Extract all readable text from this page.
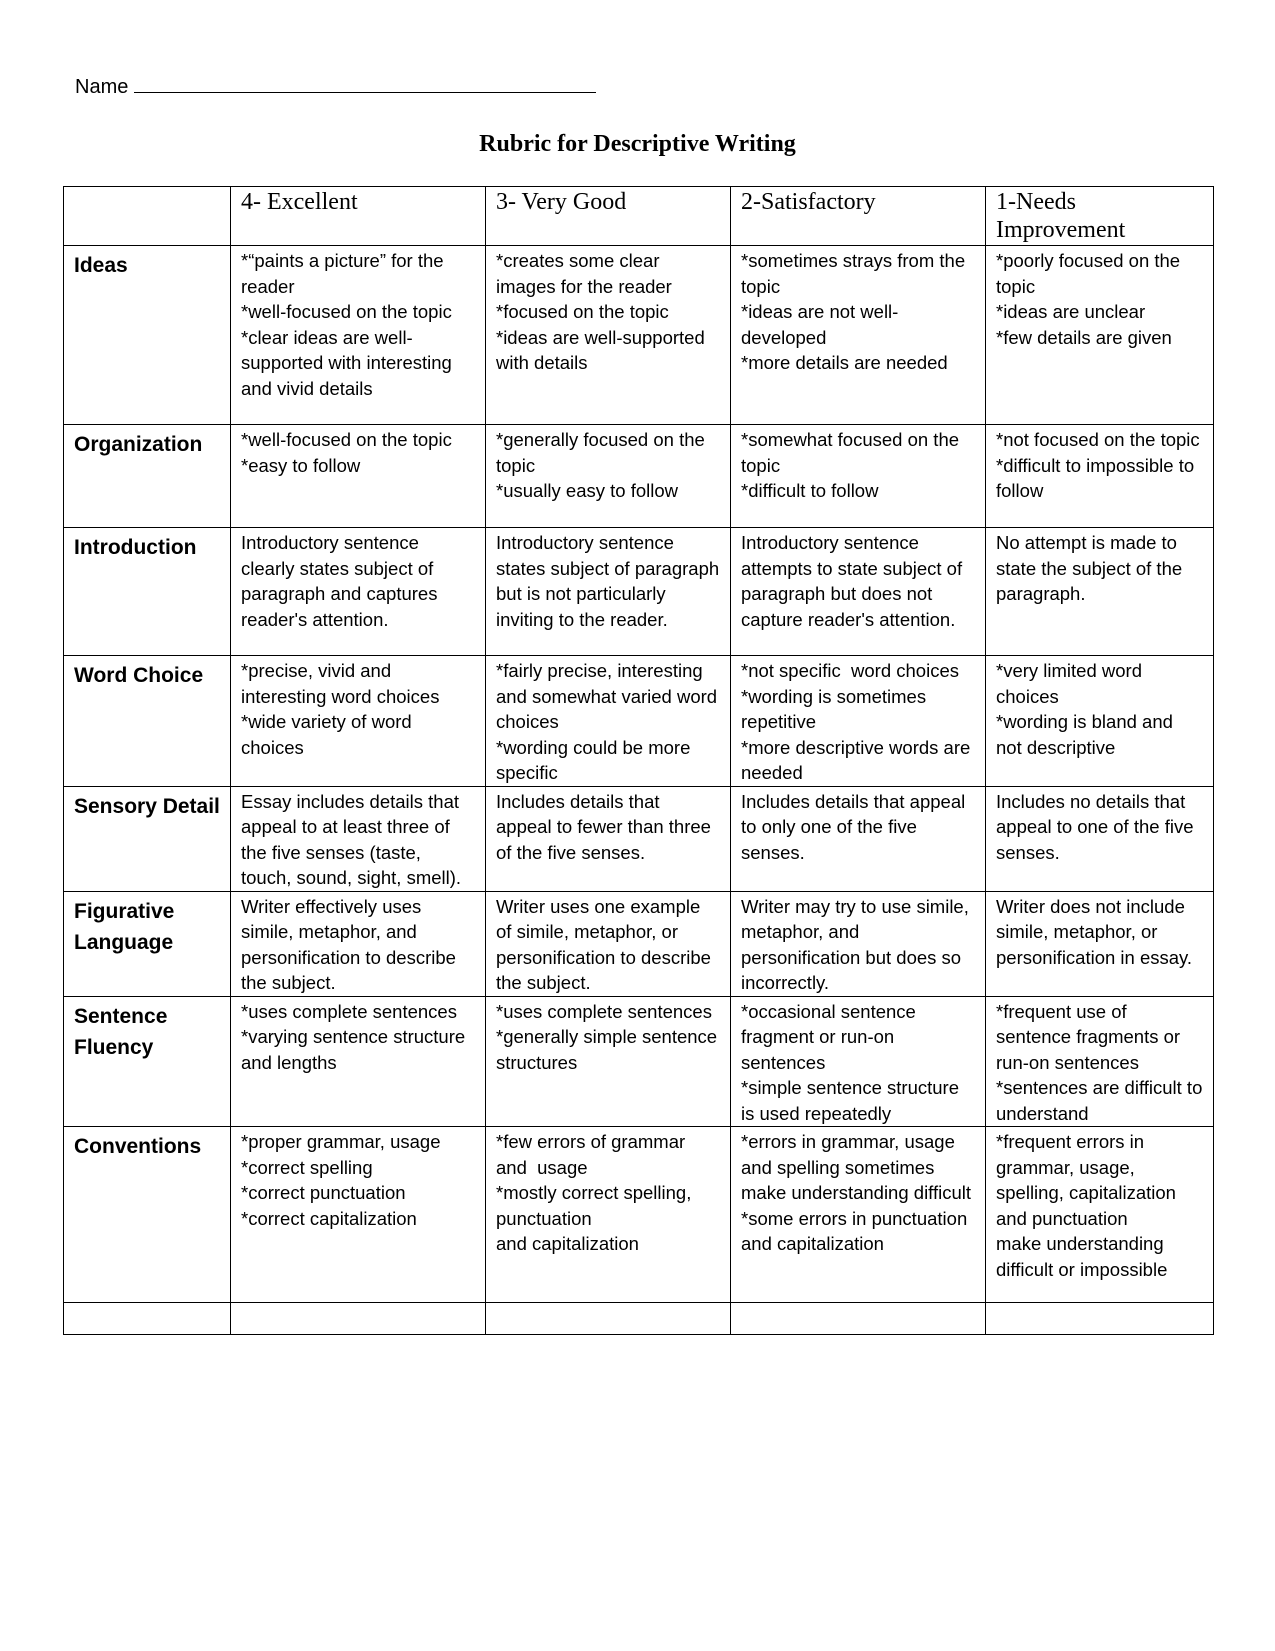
Name
Rubric for Descriptive Writing
	4- Excellent	3- Very Good	2-Satisfactory	1-Needs Improvement
Ideas	*“paints a picture” for the reader
*well-focused on the topic
*clear ideas are well-supported with interesting and vivid details	*creates some clear images for the reader
*focused on the topic
*ideas are well-supported with details	*sometimes strays from the topic
*ideas are not well-developed
*more details are needed	*poorly focused on the topic
*ideas are unclear
*few details are given

Organization	*well-focused on the topic
*easy to follow	*generally focused on the topic
*usually easy to follow	*somewhat focused on the topic
*difficult to follow	*not focused on the topic
*difficult to impossible to follow

Introduction	Introductory sentence clearly states subject of paragraph and captures reader's attention.	Introductory sentence states subject of paragraph but is not particularly inviting to the reader.	Introductory sentence attempts to state subject of paragraph but does not capture reader's attention.	No attempt is made to state the subject of the paragraph.

Word Choice	*precise, vivid and interesting word choices
*wide variety of word choices	*fairly precise, interesting and somewhat varied word choices
*wording could be more specific	*not specific  word choices
*wording is sometimes repetitive
*more descriptive words are needed	*very limited word choices
*wording is bland and not descriptive

Sensory Detail	Essay includes details that appeal to at least three of the five senses (taste, touch, sound, sight, smell).	Includes details that appeal to fewer than three of the five senses.	Includes details that appeal to only one of the five senses.	Includes no details that appeal to one of the five senses.

Figurative Language	Writer effectively uses simile, metaphor, and personification to describe the subject.	Writer uses one example of simile, metaphor, or personification to describe the subject.	Writer may try to use simile, metaphor, and personification but does so incorrectly.	Writer does not include simile, metaphor, or personification in essay.

Sentence Fluency	*uses complete sentences
*varying sentence structure and lengths	*uses complete sentences
*generally simple sentence structures	*occasional sentence fragment or run-on sentences
*simple sentence structure is used repeatedly	*frequent use of sentence fragments or run-on sentences
*sentences are difficult to understand

Conventions	*proper grammar, usage
*correct spelling
*correct punctuation
*correct capitalization	*few errors of grammar and  usage
*mostly correct spelling, punctuation
and capitalization	*errors in grammar, usage and spelling sometimes make understanding difficult
*some errors in punctuation and capitalization	*frequent errors in grammar, usage, spelling, capitalization and punctuation
make understanding difficult or impossible
